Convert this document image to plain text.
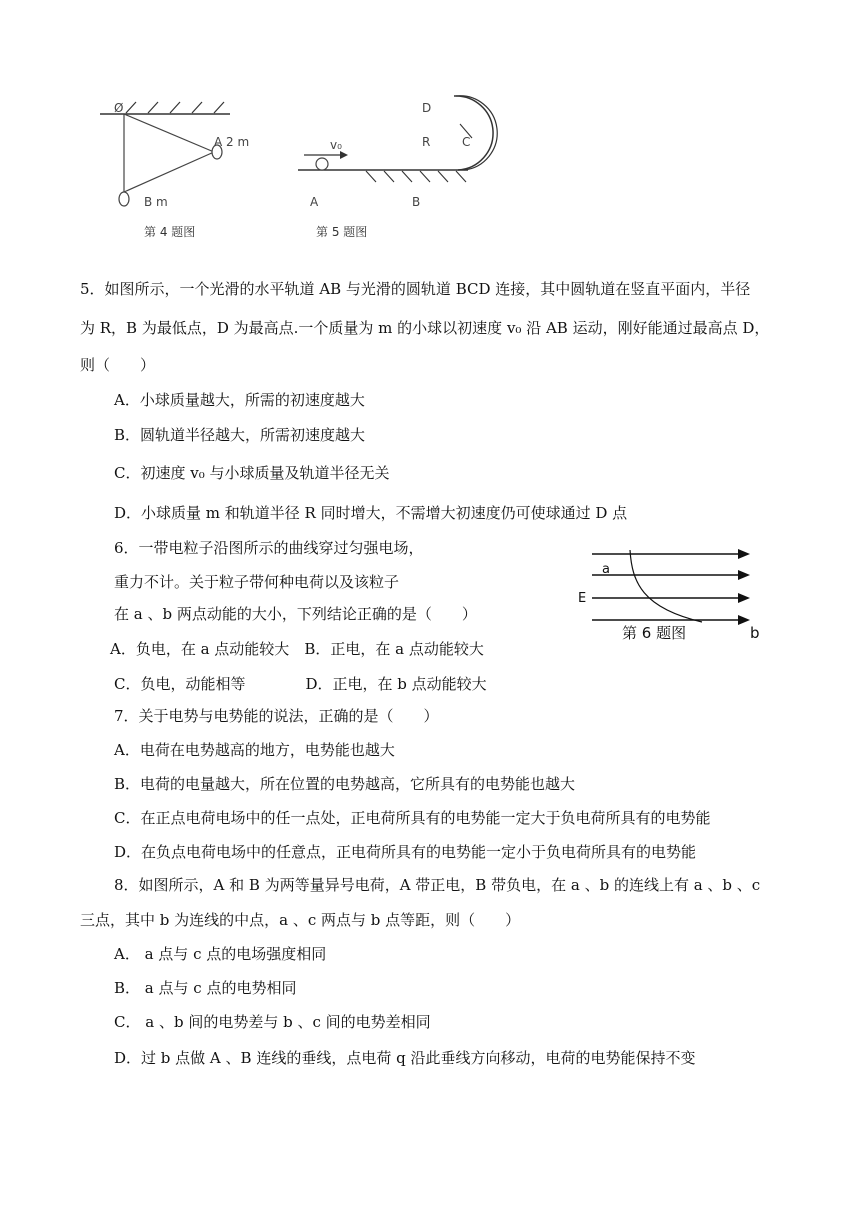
Ø
A 2 m
B m
第 4 题图
v₀
A	B
D
R	C
第 5 题图
5．如图所示，一个光滑的水平轨道 AB 与光滑的圆轨道 BCD 连接，其中圆轨道在竖直平面内，半径
为 R，B 为最低点，D 为最高点.一个质量为 m 的小球以初速度 v₀ 沿 AB 运动，刚好能通过最高点 D，
则（　　）
A．小球质量越大，所需的初速度越大
B．圆轨道半径越大，所需初速度越大
C．初速度 v₀ 与小球质量及轨道半径无关
D．小球质量 m 和轨道半径 R 同时增大，不需增大初速度仍可使球通过 D 点
6．一带电粒子沿图所示的曲线穿过匀强电场，
重力不计。关于粒子带何种电荷以及该粒子
在 a 、b 两点动能的大小，下列结论正确的是（　　）
A．负电，在 a 点动能较大　B．正电，在 a 点动能较大
C．负电，动能相等　　　　D．正电，在 b 点动能较大
a
E
第 6 题图	b
7．关于电势与电势能的说法，正确的是（　　）
A．电荷在电势越高的地方，电势能也越大
B．电荷的电量越大，所在位置的电势越高，它所具有的电势能也越大
C．在正点电荷电场中的任一点处，正电荷所具有的电势能一定大于负电荷所具有的电势能
D．在负点电荷电场中的任意点，正电荷所具有的电势能一定小于负电荷所具有的电势能
8．如图所示，A 和 B 为两等量异号电荷，A 带正电，B 带负电，在 a 、b 的连线上有 a 、b 、c
三点，其中 b 为连线的中点，a 、c 两点与 b 点等距，则（　　）
A． a 点与 c 点的电场强度相同
B． a 点与 c 点的电势相同
C． a 、b 间的电势差与 b 、c 间的电势差相同
D．过 b 点做 A 、B 连线的垂线，点电荷 q 沿此垂线方向移动，电荷的电势能保持不变
